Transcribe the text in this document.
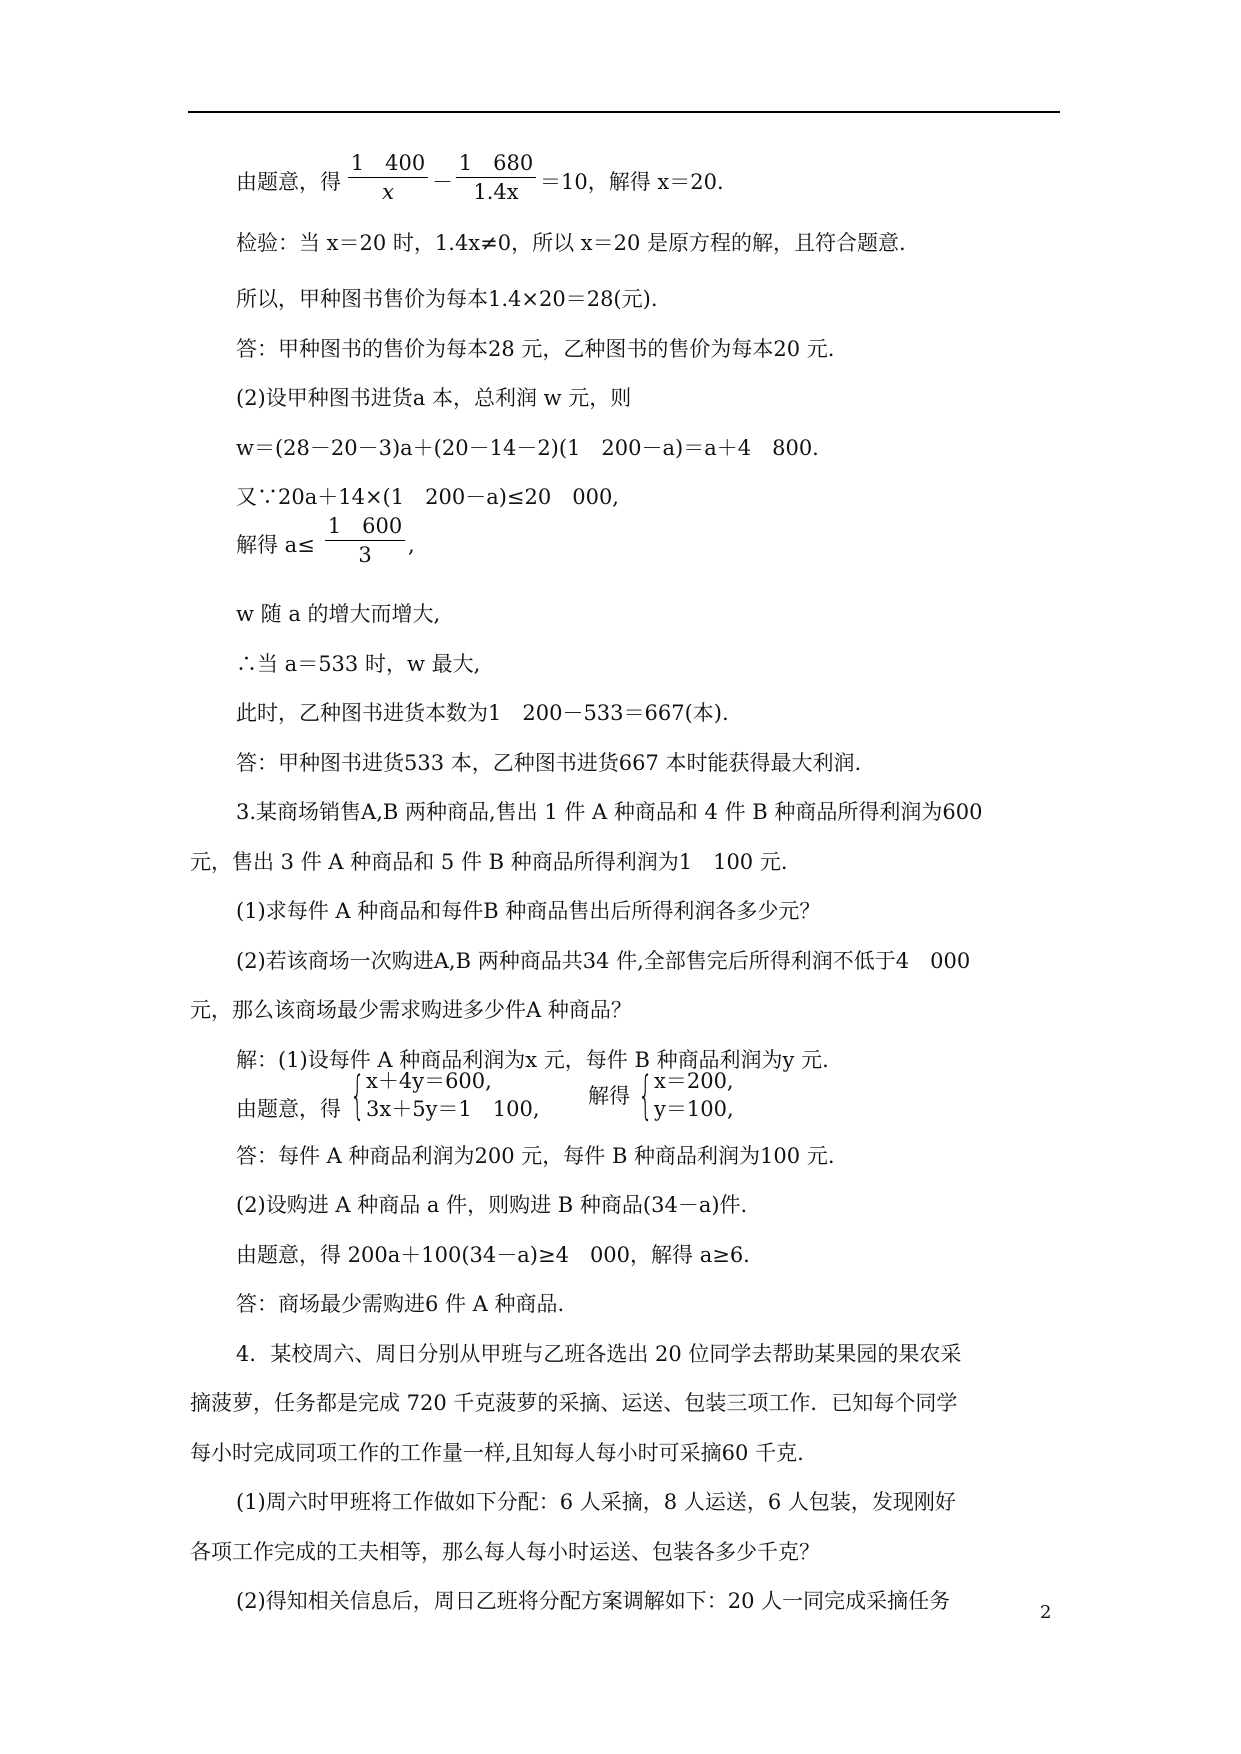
由题意，得
1　400
x	－
1　680
1.4x	＝10，解得 x＝20.
检验：当 x＝20 时，1.4x≠0，所以 x＝20 是原方程的解，且符合题意.
所以，甲种图书售价为每本1.4×20＝28(元).
答：甲种图书的售价为每本28 元，乙种图书的售价为每本20 元.
(2)设甲种图书进货a 本，总利润 w 元，则
w＝(28－20－3)a＋(20－14－2)(1　200－a)＝a＋4　800.
又∵20a＋14×(1　200－a)≤20　000,
解得 a≤
1　600
3	,
w 随 a 的增大而增大,
∴当 a＝533 时，w 最大,
此时，乙种图书进货本数为1　200－533＝667(本).
答：甲种图书进货533 本，乙种图书进货667 本时能获得最大利润.
3.某商场销售A,B 两种商品,售出 1 件 A 种商品和 4 件 B 种商品所得利润为600
元，售出 3 件 A 种商品和 5 件 B 种商品所得利润为1　100 元.
(1)求每件 A 种商品和每件B 种商品售出后所得利润各多少元？
(2)若该商场一次购进A,B 两种商品共34 件,全部售完后所得利润不低于4　000
元，那么该商场最少需求购进多少件A 种商品？
解：(1)设每件 A 种商品利润为x 元，每件 B 种商品利润为y 元.
由题意，得 { x＋4y＝600,
3x＋5y＝1　100,
解得 { x＝200,
y＝100,
答：每件 A 种商品利润为200 元，每件 B 种商品利润为100 元.
(2)设购进 A 种商品 a 件，则购进 B 种商品(34－a)件.
由题意，得 200a＋100(34－a)≥4　000，解得 a≥6.
答：商场最少需购进6 件 A 种商品.
4．某校周六、周日分别从甲班与乙班各选出 20 位同学去帮助某果园的果农采
摘菠萝，任务都是完成 720 千克菠萝的采摘、运送、包装三项工作．已知每个同学
每小时完成同项工作的工作量一样,且知每人每小时可采摘60 千克.
(1)周六时甲班将工作做如下分配：6 人采摘，8 人运送，6 人包装，发现刚好
各项工作完成的工夫相等，那么每人每小时运送、包装各多少千克？
(2)得知相关信息后，周日乙班将分配方案调解如下：20 人一同完成采摘任务	2
